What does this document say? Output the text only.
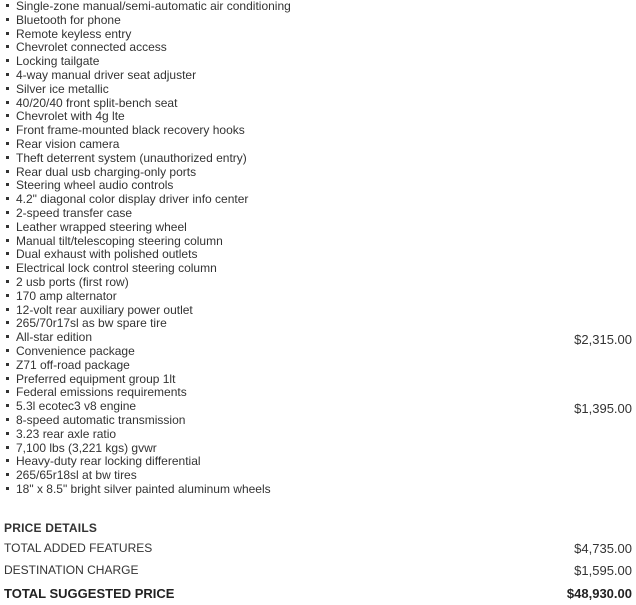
Single-zone manual/semi-automatic air conditioning
Bluetooth for phone
Remote keyless entry
Chevrolet connected access
Locking tailgate
4-way manual driver seat adjuster
Silver ice metallic
40/20/40 front split-bench seat
Chevrolet with 4g lte
Front frame-mounted black recovery hooks
Rear vision camera
Theft deterrent system (unauthorized entry)
Rear dual usb charging-only ports
Steering wheel audio controls
4.2" diagonal color display driver info center
2-speed transfer case
Leather wrapped steering wheel
Manual tilt/telescoping steering column
Dual exhaust with polished outlets
Electrical lock control steering column
2 usb ports (first row)
170 amp alternator
12-volt rear auxiliary power outlet
265/70r17sl as bw spare tire
All-star edition	$2,315.00
Convenience package
Z71 off-road package
Preferred equipment group 1lt
Federal emissions requirements
5.3l ecotec3 v8 engine	$1,395.00
8-speed automatic transmission
3.23 rear axle ratio
7,100 lbs (3,221 kgs) gvwr
Heavy-duty rear locking differential
265/65r18sl at bw tires
18" x 8.5" bright silver painted aluminum wheels
PRICE DETAILS
TOTAL ADDED FEATURES	$4,735.00
DESTINATION CHARGE	$1,595.00
TOTAL SUGGESTED PRICE	$48,930.00
